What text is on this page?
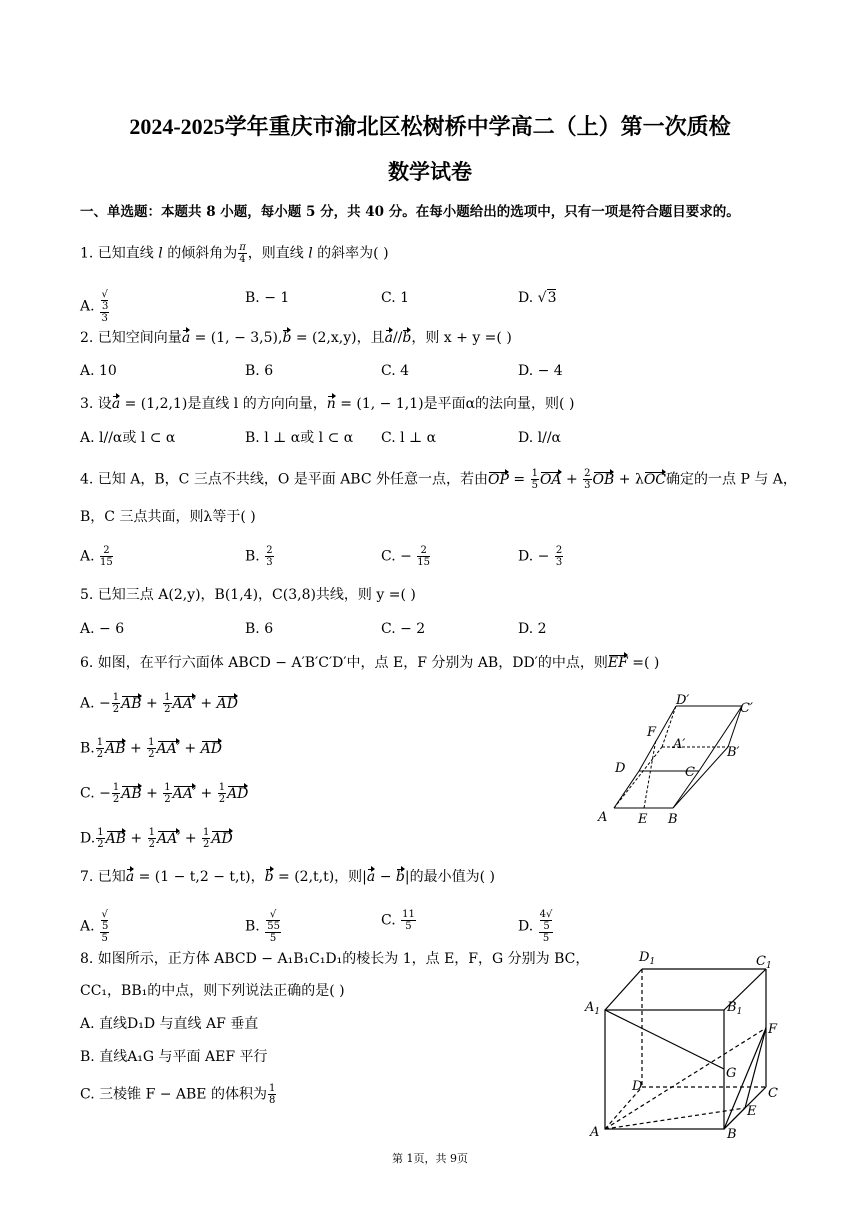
2024-2025学年重庆市渝北区松树桥中学高二（上）第一次质检
数学试卷
一、单选题：本题共 8 小题，每小题 5 分，共 40 分。在每小题给出的选项中，只有一项是符合题目要求的。
1. 已知直线 l 的倾斜角为 $\frac{\pi}{4}$ ，则直线 l 的斜率为( )
A. √
3
3	B. − 1	C. 1	D. √3
2. 已知空间向量a = (1, − 3,5),b = (2,x,y)，且a//b，则 x + y =( )
A. 10	B. 6	C. 4	D. − 4
3. 设a = (1,2,1)是直线 l 的方向向量，n = (1, − 1,1)是平面α的法向量，则( )
A. l//α或 l ⊂ α	B. l ⊥ α或 l ⊂ α C. l ⊥ α	D. l//α
4. 已知 A，B，C 三点不共线，O 是平面 ABC 外任意一点，若由OP = $\frac{1}{5}$ OA + $\frac{2}{3}$ OB + λOC确定的一点 P 与 A，
B，C 三点共面，则λ等于( )
A. $\frac{2}{15}$	B. $\frac{2}{3}$	C. − $\frac{2}{15}$	D. − $\frac{2}{3}$
5. 已知三点 A(2,y)，B(1,4)，C(3,8)共线，则 y =( )
A. − 6	B. 6	C. − 2	D. 2
6. 如图，在平行六面体 ABCD − A′B′C′D′中，点 E，F 分别为 AB，DD′的中点，则EF =( )
A. − $\frac{1}{2}$ AB + $\frac{1}{2} AA'$ + AD
B. $\frac{1}{2}$ AB + $\frac{1}{2} AA'$ + AD
C. − $\frac{1}{2}$ AB + $\frac{1}{2} AA' + \frac{1}{2}$ AD
D. $\frac{1}{2}$ AB + $\frac{1}{2} AA' + \frac{1}{2}$ AD
A	B
C
D
E
F
A′
B′
C′
D′
7. 已知a = (1 − t,2 − t,t)，b = (2,t,t)，则|a − b|的最小值为( )
A. √
5
5	B. √
55
5	C. $\frac{11}{5}$	D. 4√
5
5
8. 如图所示，正方体 ABCD − A₁B₁C₁D₁的棱长为 1，点 E，F，G 分别为 BC，
CC₁，BB₁的中点，则下列说法正确的是( )
A. 直线D₁D 与直线 AF 垂直
B. 直线A₁G 与平面 AEF 平行
C. 三棱锥 F − ABE 的体积为 $\frac{1}{8}$
$D_1$	$C_1$
$A_1$	$B_1$
F
G
D	C
E
A	B
第 1页，共 9页
